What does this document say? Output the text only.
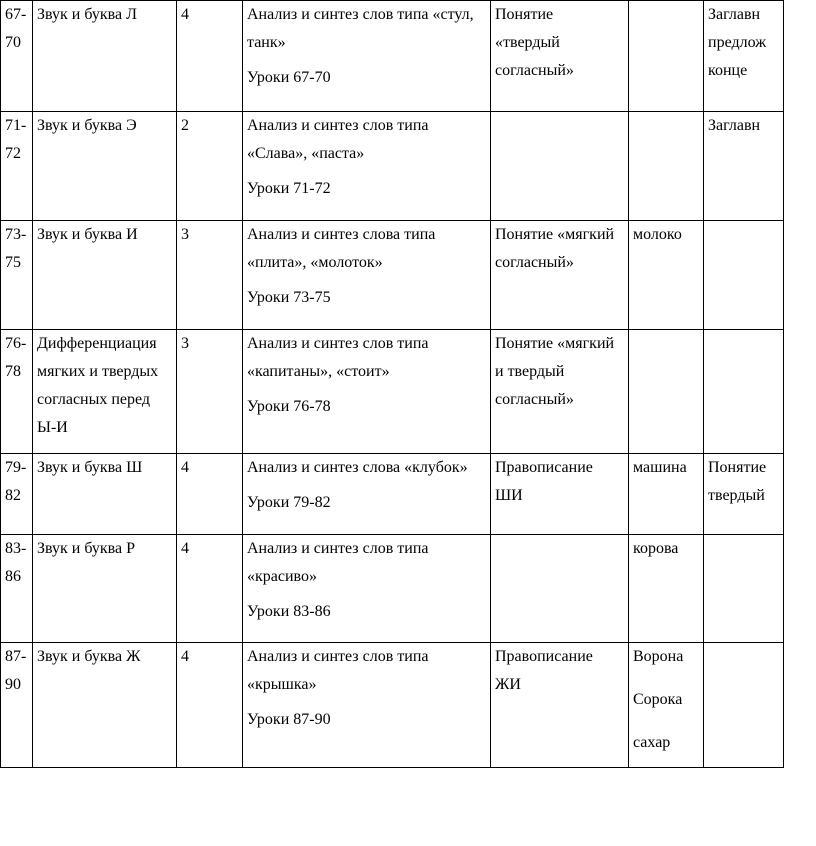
67-
70	Звук и буква Л	4	Анализ и синтез слов типа «стул,
танк»
Уроки 67-70	Понятие
«твердый
согласный»		Заглавн
предлож
конце

71-
72	Звук и буква Э	2	Анализ и синтез слов типа
«Слава», «паста»
Уроки 71-72			Заглавн

73-
75	Звук и буква И	3	Анализ и синтез слова типа
«плита», «молоток»
Уроки 73-75	Понятие «мягкий
согласный»	молоко	

76-
78	Дифференциация
мягких и твердых
согласных перед
Ы-И	3	Анализ и синтез слов типа
«капитаны», «стоит»
Уроки 76-78	Понятие «мягкий
и твердый
согласный»		

79-
82	Звук и буква Ш	4	Анализ и синтез слова «клубок»
Уроки 79-82	Правописание
ШИ	машина	Понятие
твердый

83-
86	Звук и буква Р	4	Анализ и синтез слов типа
«красиво»
Уроки 83-86		корова	

87-
90	Звук и буква Ж	4	Анализ и синтез слов типа
«крышка»
Уроки 87-90	Правописание
ЖИ	Ворона
Сорока
сахар	
